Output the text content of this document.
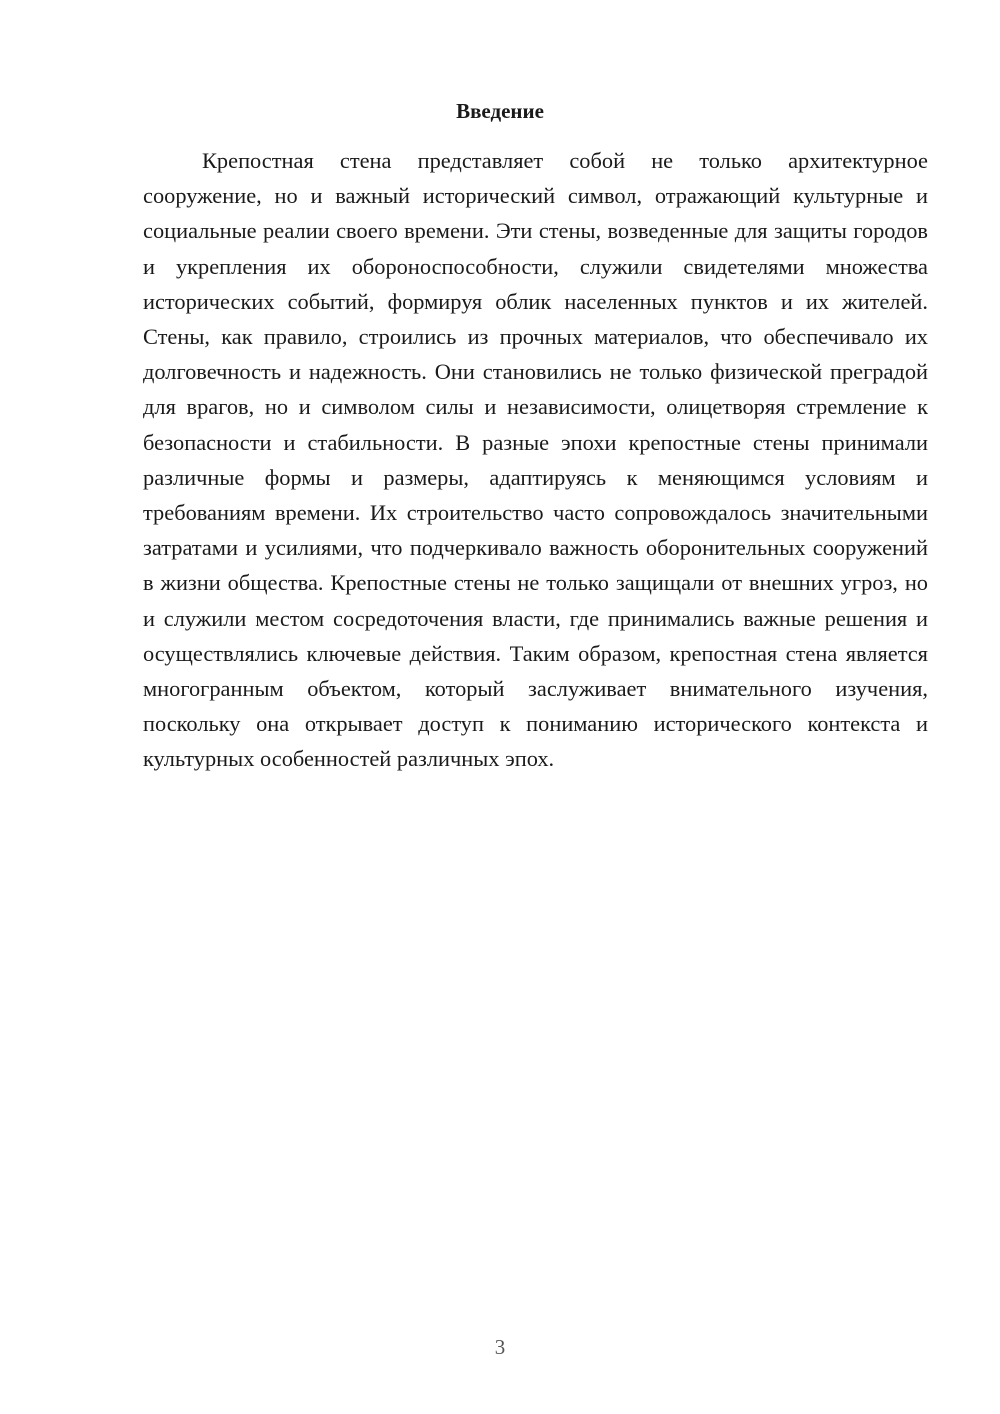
Введение

Крепостная стена представляет собой не только архитектурное сооружение, но и важный исторический символ, отражающий культурные и социальные реалии своего времени. Эти стены, возведенные для защиты городов и укрепления их обороноспособности, служили свидетелями множества исторических событий, формируя облик населенных пунктов и их жителей. Стены, как правило, строились из прочных материалов, что обеспечивало их долговечность и надежность. Они становились не только физической преградой для врагов, но и символом силы и независимости, олицетворяя стремление к безопасности и стабильности. В разные эпохи крепостные стены принимали различные формы и размеры, адаптируясь к меняющимся условиям и требованиям времени. Их строительство часто сопровождалось значительными затратами и усилиями, что подчеркивало важность оборонительных сооружений в жизни общества. Крепостные стены не только защищали от внешних угроз, но и служили местом сосредоточения власти, где принимались важные решения и осуществлялись ключевые действия. Таким образом, крепостная стена является многогранным объектом, который заслуживает внимательного изучения, поскольку она открывает доступ к пониманию исторического контекста и культурных особенностей различных эпох.

3
